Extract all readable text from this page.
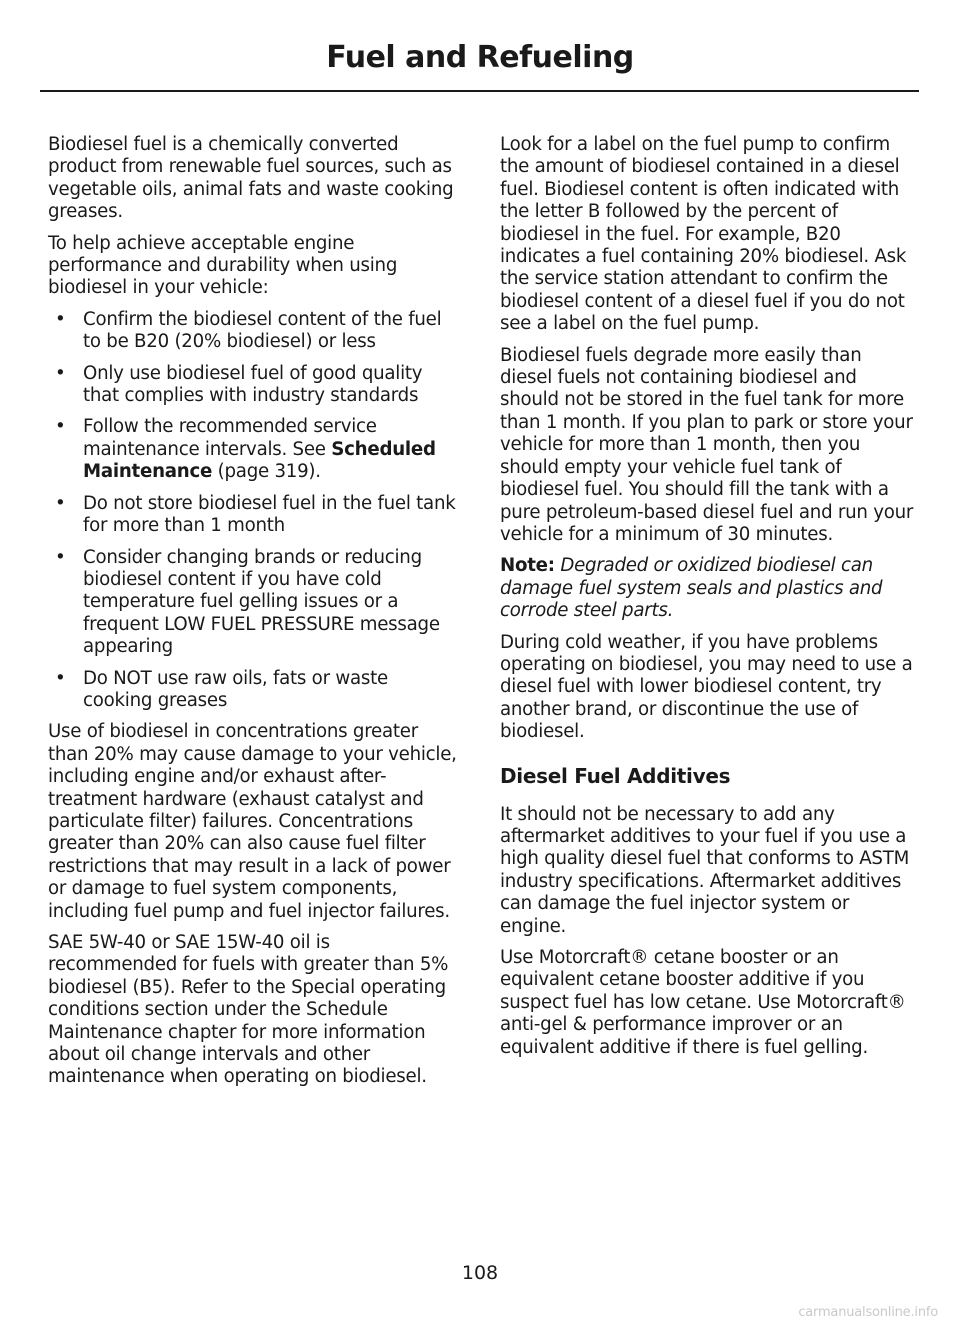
Fuel and Refueling

Biodiesel fuel is a chemically converted product from renewable fuel sources, such as vegetable oils, animal fats and waste cooking greases.

To help achieve acceptable engine performance and durability when using biodiesel in your vehicle:

• Confirm the biodiesel content of the fuel to be B20 (20% biodiesel) or less
• Only use biodiesel fuel of good quality that complies with industry standards
• Follow the recommended service maintenance intervals. See Scheduled Maintenance (page 319).
• Do not store biodiesel fuel in the fuel tank for more than 1 month
• Consider changing brands or reducing biodiesel content if you have cold temperature fuel gelling issues or a frequent LOW FUEL PRESSURE message appearing
• Do NOT use raw oils, fats or waste cooking greases

Use of biodiesel in concentrations greater than 20% may cause damage to your vehicle, including engine and/or exhaust after-treatment hardware (exhaust catalyst and particulate filter) failures. Concentrations greater than 20% can also cause fuel filter restrictions that may result in a lack of power or damage to fuel system components, including fuel pump and fuel injector failures.

SAE 5W-40 or SAE 15W-40 oil is recommended for fuels with greater than 5% biodiesel (B5). Refer to the Special operating conditions section under the Schedule Maintenance chapter for more information about oil change intervals and other maintenance when operating on biodiesel.

Look for a label on the fuel pump to confirm the amount of biodiesel contained in a diesel fuel. Biodiesel content is often indicated with the letter B followed by the percent of biodiesel in the fuel. For example, B20 indicates a fuel containing 20% biodiesel. Ask the service station attendant to confirm the biodiesel content of a diesel fuel if you do not see a label on the fuel pump.

Biodiesel fuels degrade more easily than diesel fuels not containing biodiesel and should not be stored in the fuel tank for more than 1 month. If you plan to park or store your vehicle for more than 1 month, then you should empty your vehicle fuel tank of biodiesel fuel. You should fill the tank with a pure petroleum-based diesel fuel and run your vehicle for a minimum of 30 minutes.

Note: Degraded or oxidized biodiesel can damage fuel system seals and plastics and corrode steel parts.

During cold weather, if you have problems operating on biodiesel, you may need to use a diesel fuel with lower biodiesel content, try another brand, or discontinue the use of biodiesel.

Diesel Fuel Additives

It should not be necessary to add any aftermarket additives to your fuel if you use a high quality diesel fuel that conforms to ASTM industry specifications. Aftermarket additives can damage the fuel injector system or engine.

Use Motorcraft® cetane booster or an equivalent cetane booster additive if you suspect fuel has low cetane. Use Motorcraft® anti-gel & performance improver or an equivalent additive if there is fuel gelling.

108
carmanualsonline.info
